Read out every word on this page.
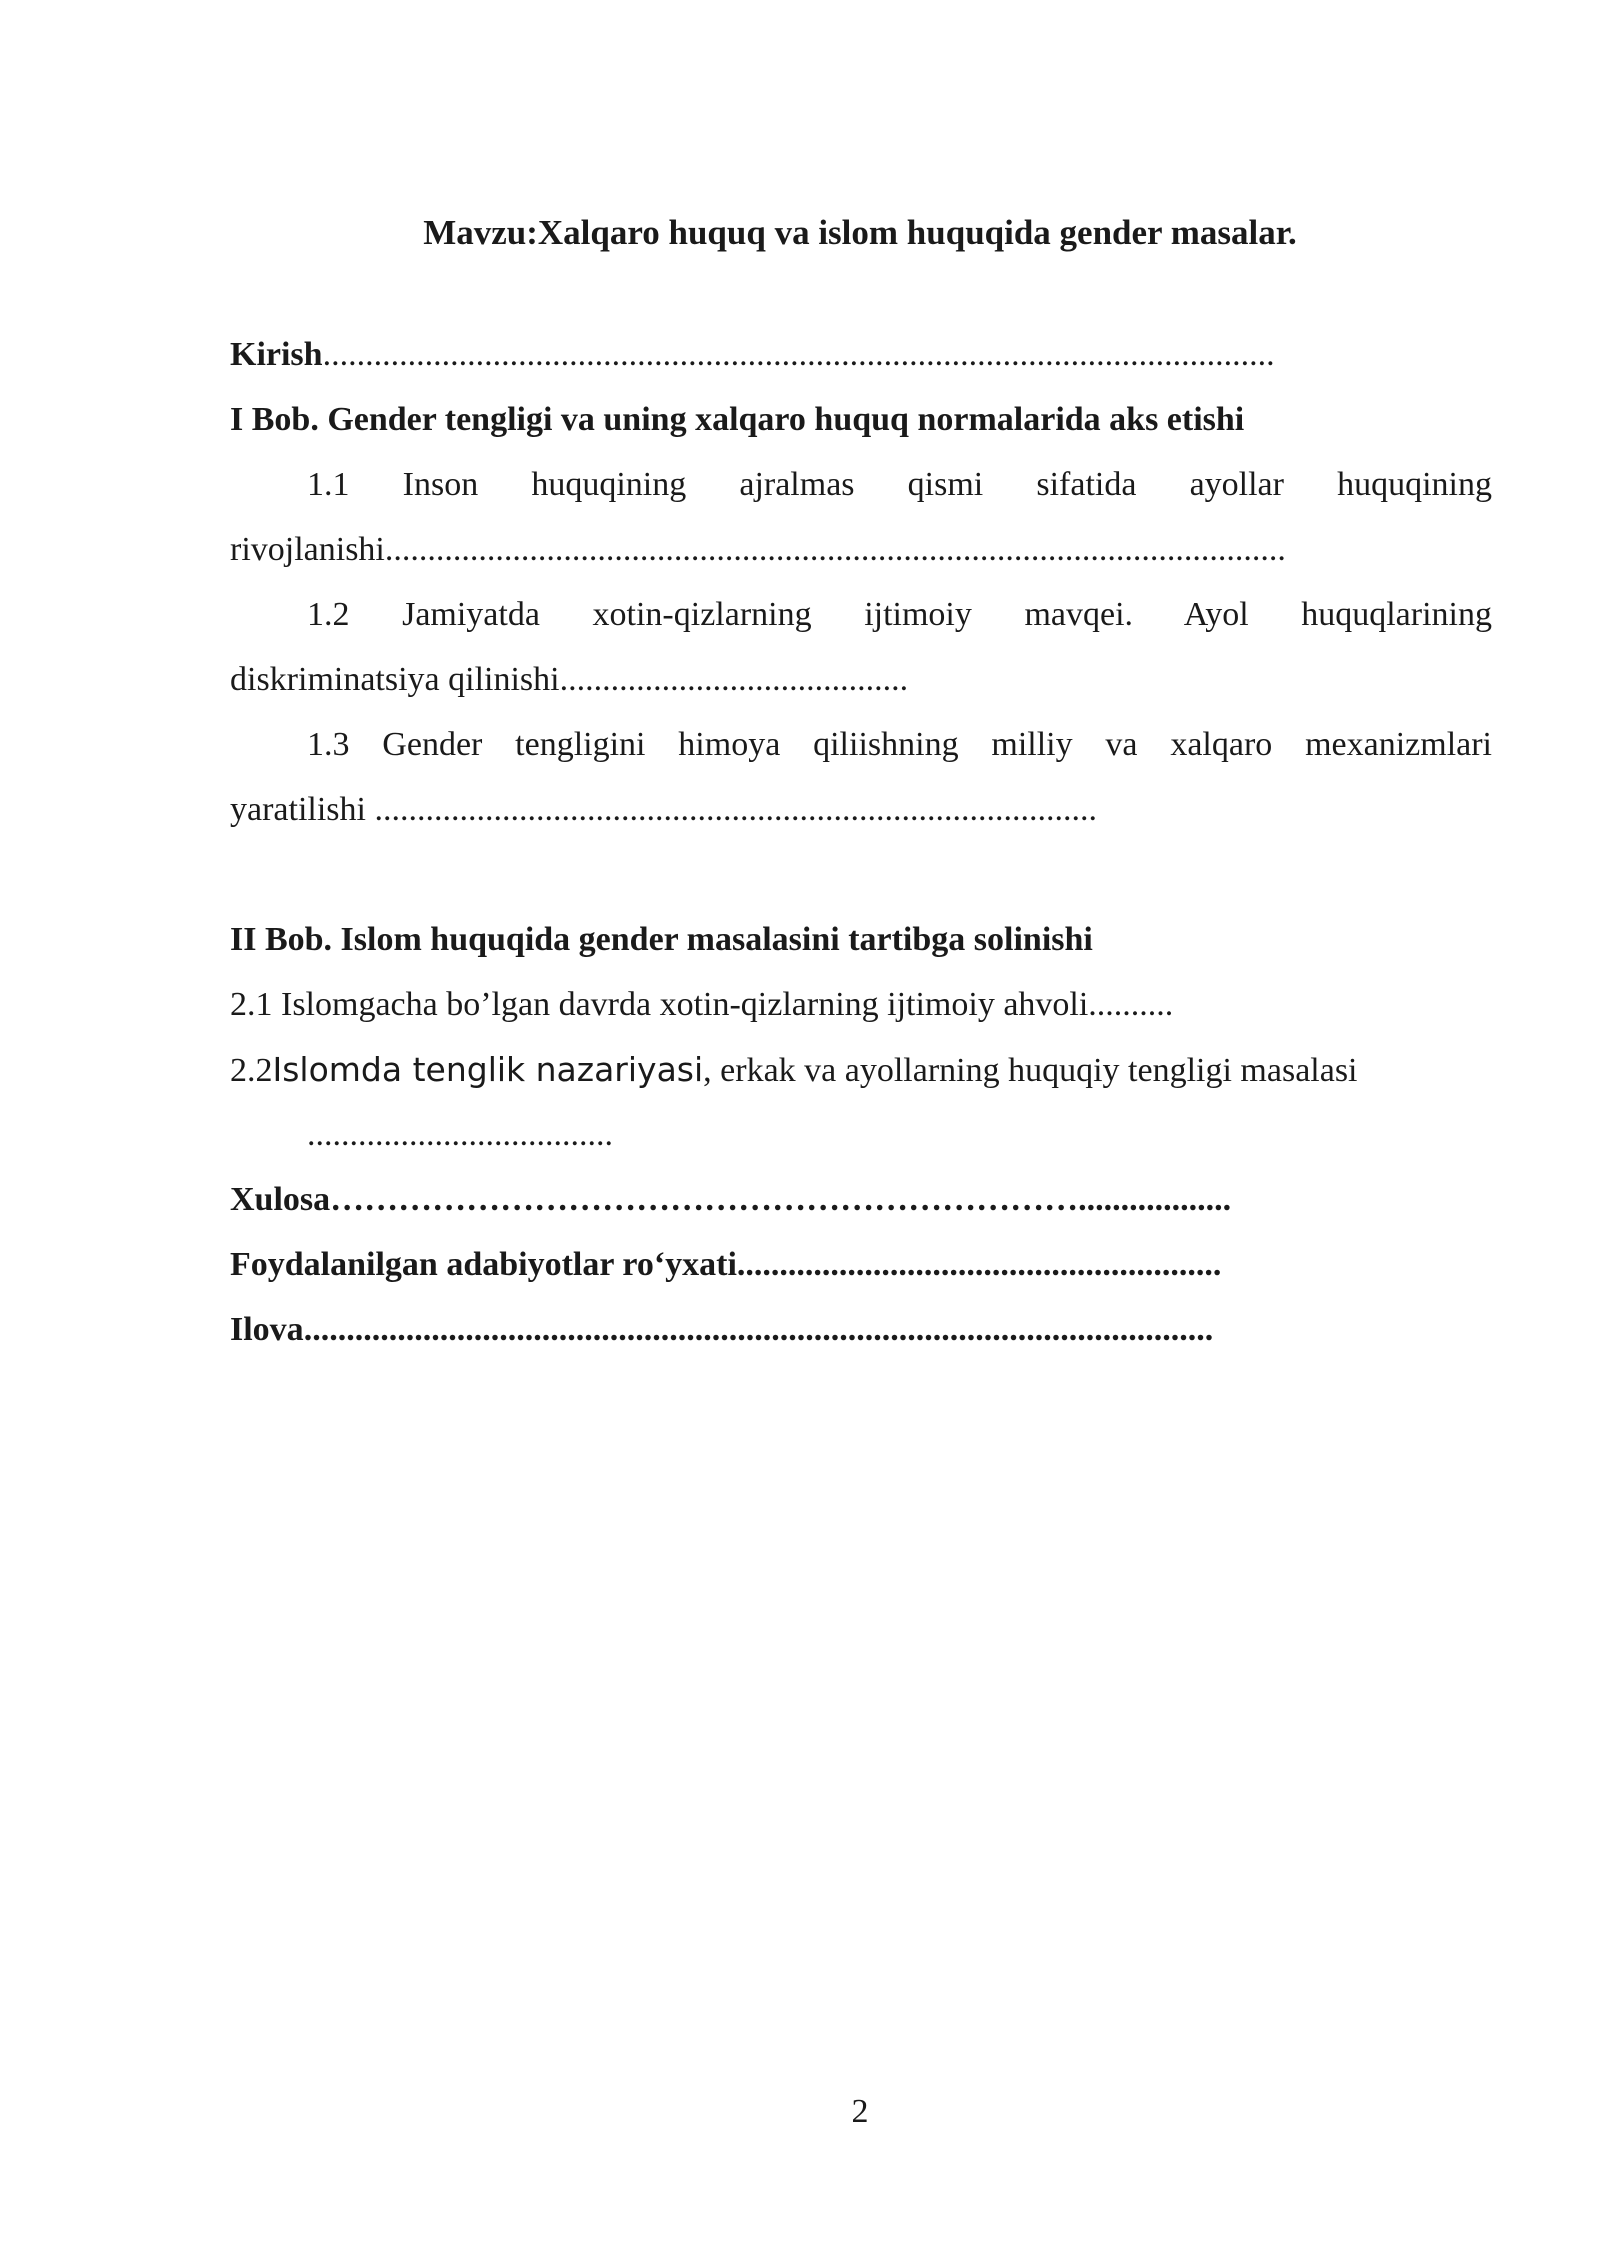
Mavzu:Xalqaro huquq va islom huquqida gender masalar.
Kirish................................................................................................................
I Bob. Gender tengligi va uning xalqaro huquq normalarida aks etishi
1.1 Inson huquqining ajralmas qismi sifatida ayollar huquqining
rivojlanishi..........................................................................................................
1.2 Jamiyatda xotin-qizlarning ijtimoiy mavqei. Ayol huquqlarining
diskriminatsiya qilinishi.........................................
1.3 Gender tengligini himoya qiliishning milliy va xalqaro mexanizmlari
yaratilishi .....................................................................................
II Bob. Islom huquqida gender masalasini tartibga solinishi
2.1 Islomgacha bo’lgan davrda xotin-qizlarning ijtimoiy ahvoli..........
2.2Islomda tenglik nazariyasi, erkak va ayollarning huquqiy tengligi masalasi
....................................
Xulosa…………………………………………………………..................
Foydalanilgan adabiyotlar ro‘yxati.........................................................
Ilova...........................................................................................................
2
